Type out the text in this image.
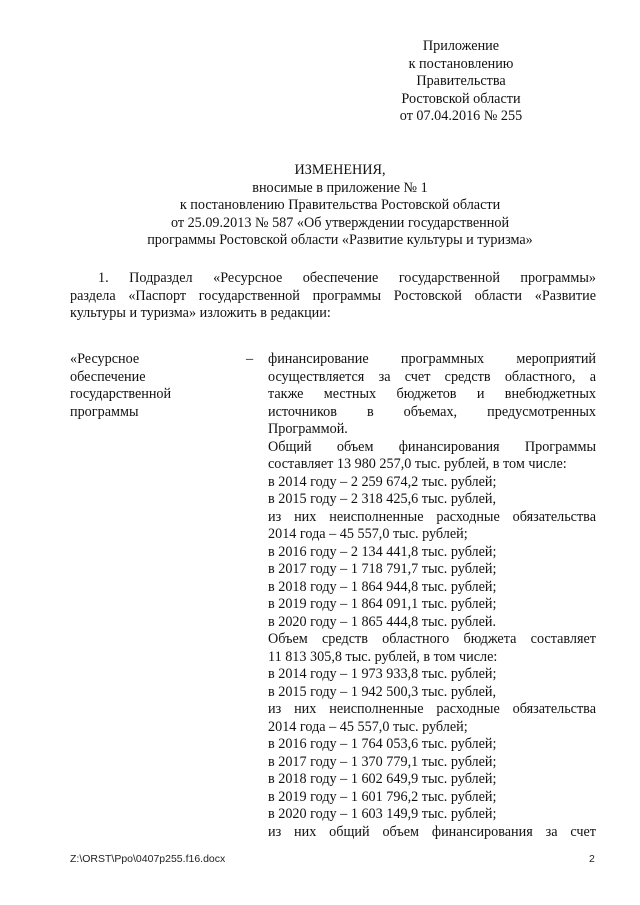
Приложение
к постановлению
Правительства
Ростовской области
от 07.04.2016 № 255
ИЗМЕНЕНИЯ,
вносимые в приложение № 1
к постановлению Правительства Ростовской области
от 25.09.2013 № 587 «Об утверждении государственной
программы Ростовской области «Развитие культуры и туризма»
1. Подраздел «Ресурсное обеспечение государственной программы»
раздела «Паспорт государственной программы Ростовской области «Развитие
культуры и туризма» изложить в редакции:
«Ресурсное
обеспечение
государственной
программы
– финансирование программных мероприятий
осуществляется за счет средств областного, а
также местных бюджетов и внебюджетных
источников в объемах, предусмотренных
Программой.
Общий объем финансирования Программы
составляет 13 980 257,0 тыс. рублей, в том числе:
в 2014 году – 2 259 674,2 тыс. рублей;
в 2015 году – 2 318 425,6 тыс. рублей,
из них неисполненные расходные обязательства
2014 года – 45 557,0 тыс. рублей;
в 2016 году – 2 134 441,8 тыс. рублей;
в 2017 году – 1 718 791,7 тыс. рублей;
в 2018 году – 1 864 944,8 тыс. рублей;
в 2019 году – 1 864 091,1 тыс. рублей;
в 2020 году – 1 865 444,8 тыс. рублей.
Объем средств областного бюджета составляет
11 813 305,8 тыс. рублей, в том числе:
в 2014 году – 1 973 933,8 тыс. рублей;
в 2015 году – 1 942 500,3 тыс. рублей,
из них неисполненные расходные обязательства
2014 года – 45 557,0 тыс. рублей;
в 2016 году – 1 764 053,6 тыс. рублей;
в 2017 году – 1 370 779,1 тыс. рублей;
в 2018 году – 1 602 649,9 тыс. рублей;
в 2019 году – 1 601 796,2 тыс. рублей;
в 2020 году – 1 603 149,9 тыс. рублей;
из них общий объем финансирования за счет
Z:\ORST\Ppo\0407p255.f16.docx	2
